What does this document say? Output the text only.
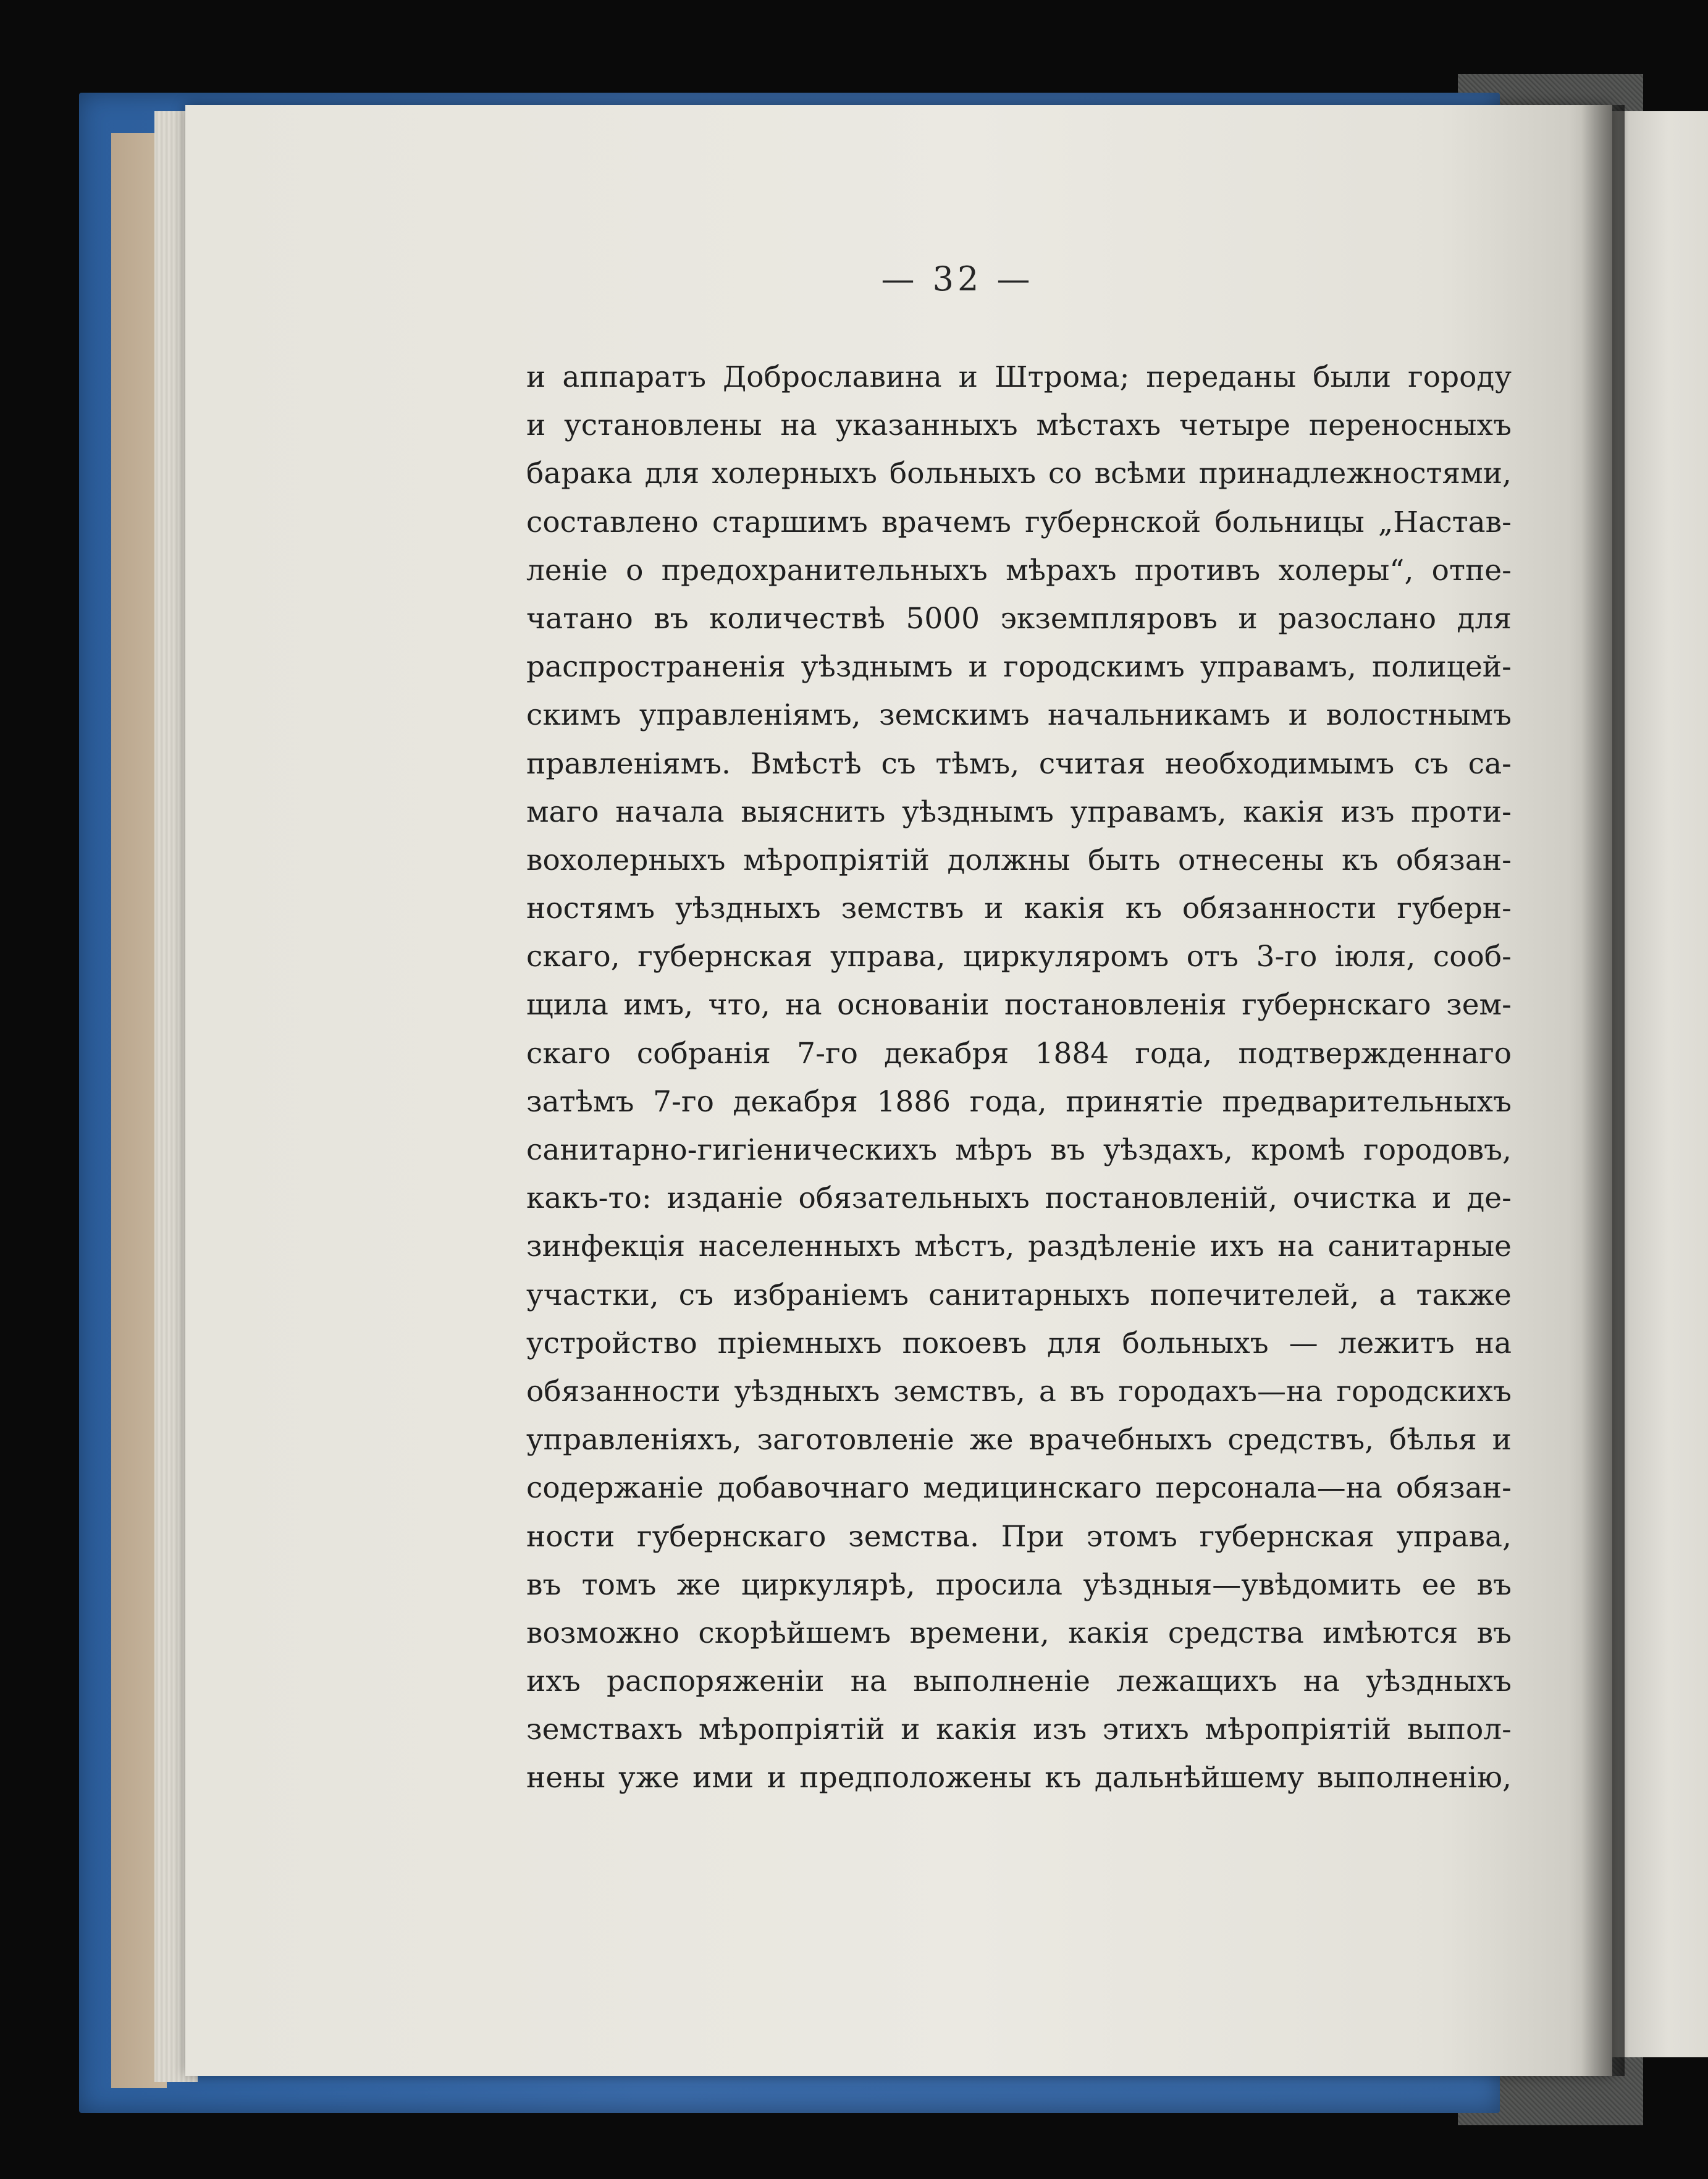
— 32 —
и аппаратъ Доброславина и Штрома; переданы были городу
и установлены на указанныхъ мѣстахъ четыре переносныхъ
барака для холерныхъ больныхъ со всѣми принадлежностями,
составлено старшимъ врачемъ губернской больницы „Настав-
леніе о предохранительныхъ мѣрахъ противъ холеры“, отпе-
чатано въ количествѣ 5000 экземпляровъ и разослано для
распространенія уѣзднымъ и городскимъ управамъ, полицей-
скимъ управленіямъ, земскимъ начальникамъ и волостнымъ
правленіямъ. Вмѣстѣ съ тѣмъ, считая необходимымъ съ са-
маго начала выяснить уѣзднымъ управамъ, какія изъ проти-
вохолерныхъ мѣропріятій должны быть отнесены къ обязан-
ностямъ уѣздныхъ земствъ и какія къ обязанности губерн-
скаго, губернская управа, циркуляромъ отъ 3-го іюля, сооб-
щила имъ, что, на основаніи постановленія губернскаго зем-
скаго собранія 7-го декабря 1884 года, подтвержденнаго
затѣмъ 7-го декабря 1886 года, принятіе предварительныхъ
санитарно-гигіеническихъ мѣръ въ уѣздахъ, кромѣ городовъ,
какъ-то: изданіе обязательныхъ постановленій, очистка и де-
зинфекція населенныхъ мѣстъ, раздѣленіе ихъ на санитарные
участки, съ избраніемъ санитарныхъ попечителей, а также
устройство пріемныхъ покоевъ для больныхъ — лежитъ на
обязанности уѣздныхъ земствъ, а въ городахъ—на городскихъ
управленіяхъ, заготовленіе же врачебныхъ средствъ, бѣлья и
содержаніе добавочнаго медицинскаго персонала—на обязан-
ности губернскаго земства. При этомъ губернская управа,
въ томъ же циркулярѣ, просила уѣздныя—увѣдомить ее въ
возможно скорѣйшемъ времени, какія средства имѣются въ
ихъ распоряженіи на выполненіе лежащихъ на уѣздныхъ
земствахъ мѣропріятій и какія изъ этихъ мѣропріятій выпол-
нены уже ими и предположены къ дальнѣйшему выполненію,
